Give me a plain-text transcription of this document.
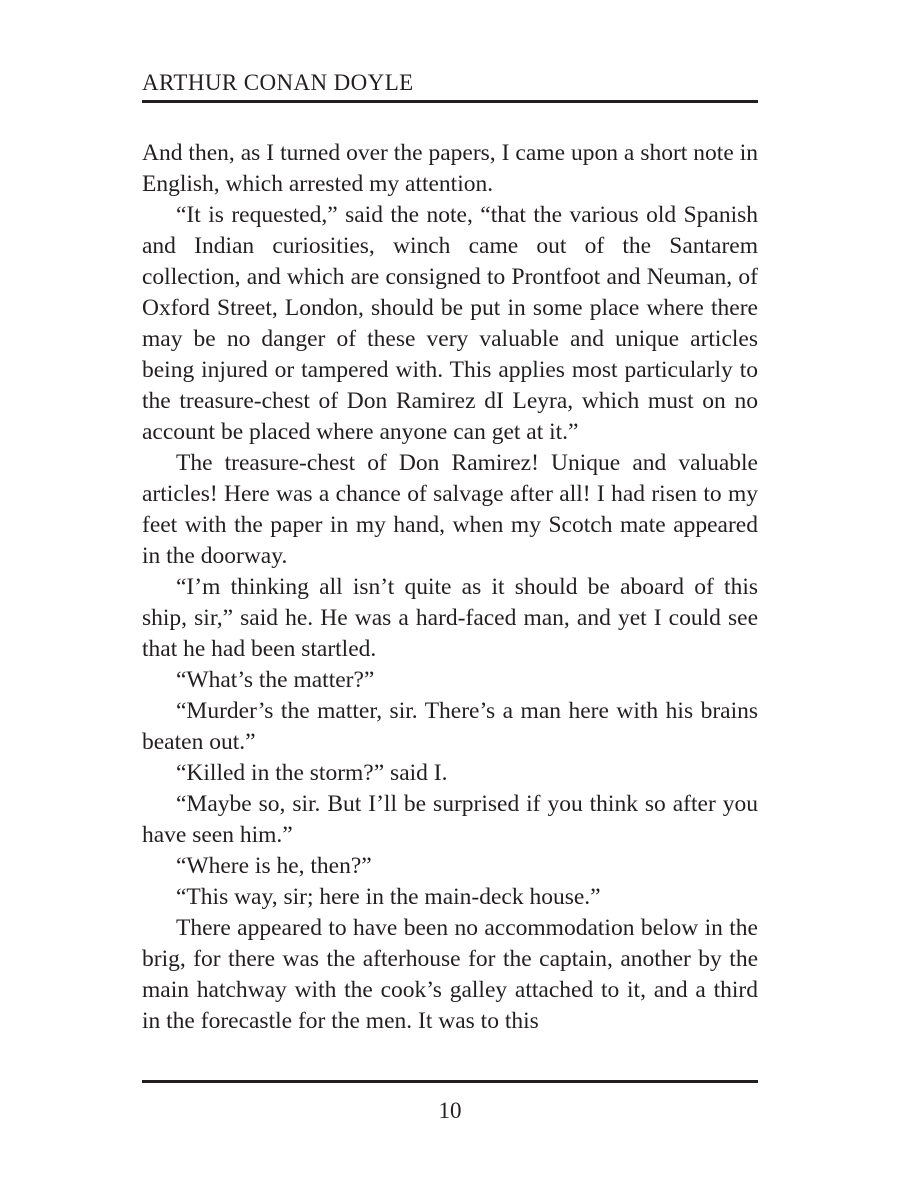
ARTHUR CONAN DOYLE

And then, as I turned over the papers, I came upon a short note in English, which arrested my attention.

“It is requested,” said the note, “that the various old Spanish and Indian curiosities, winch came out of the Santarem collection, and which are consigned to Prontfoot and Neuman, of Oxford Street, London, should be put in some place where there may be no danger of these very valuable and unique articles being injured or tampered with. This applies most particularly to the treasure-chest of Don Ramirez dI Leyra, which must on no account be placed where anyone can get at it.”

The treasure-chest of Don Ramirez! Unique and valuable articles! Here was a chance of salvage after all! I had risen to my feet with the paper in my hand, when my Scotch mate appeared in the doorway.

“I’m thinking all isn’t quite as it should be aboard of this ship, sir,” said he. He was a hard-faced man, and yet I could see that he had been startled.

“What’s the matter?”

“Murder’s the matter, sir. There’s a man here with his brains beaten out.”

“Killed in the storm?” said I.

“Maybe so, sir. But I’ll be surprised if you think so after you have seen him.”

“Where is he, then?”

“This way, sir; here in the main-deck house.”

There appeared to have been no accommodation below in the brig, for there was the afterhouse for the captain, another by the main hatchway with the cook’s galley attached to it, and a third in the forecastle for the men. It was to this

10
